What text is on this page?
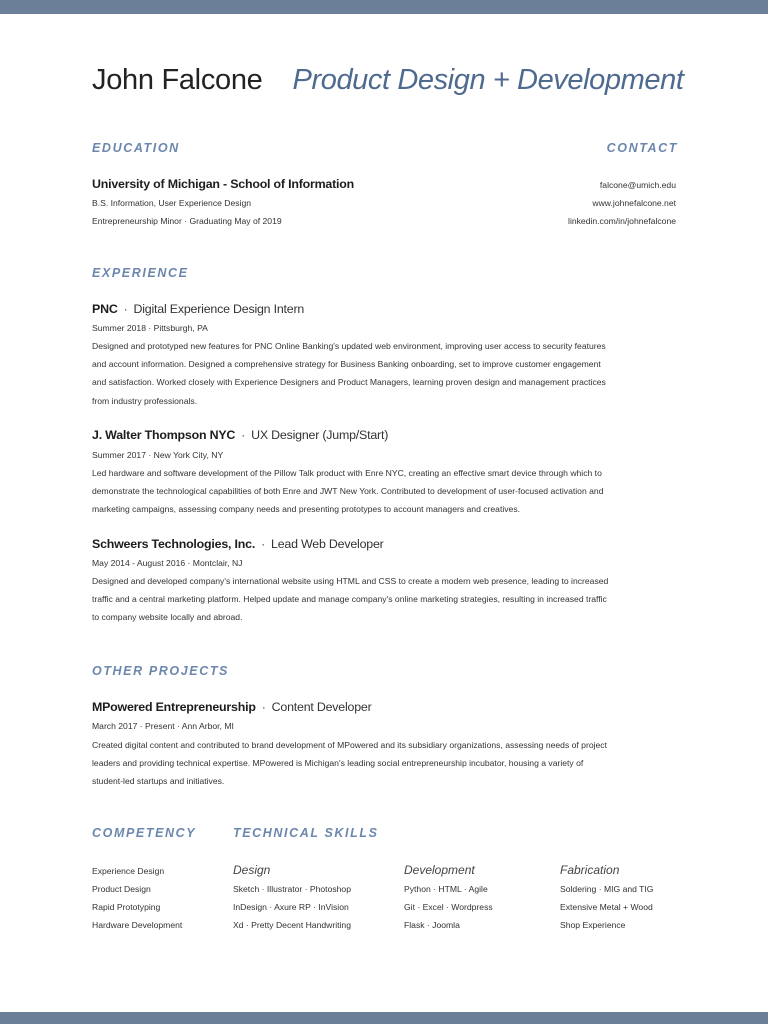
John Falcone Product Design + Development
EDUCATION
University of Michigan - School of Information
B.S. Information, User Experience Design
Entrepreneurship Minor · Graduating May of 2019
CONTACT
falcone@umich.edu
www.johnefalcone.net
linkedin.com/in/johnefalcone
EXPERIENCE
PNC · Digital Experience Design Intern
Summer 2018 · Pittsburgh, PA
Designed and prototyped new features for PNC Online Banking's updated web environment, improving user access to security features
and account information. Designed a comprehensive strategy for Business Banking onboarding, set to improve customer engagement
and satisfaction. Worked closely with Experience Designers and Product Managers, learning proven design and management practices
from industry professionals.
J. Walter Thompson NYC · UX Designer (Jump/Start)
Summer 2017 · New York City, NY
Led hardware and software development of the Pillow Talk product with Enre NYC, creating an effective smart device through which to
demonstrate the technological capabilities of both Enre and JWT New York. Contributed to development of user-focused activation and
marketing campaigns, assessing company needs and presenting prototypes to account managers and creatives.
Schweers Technologies, Inc. · Lead Web Developer
May 2014 - August 2016 · Montclair, NJ
Designed and developed company's international website using HTML and CSS to create a modern web presence, leading to increased
traffic and a central marketing platform. Helped update and manage company's online marketing strategies, resulting in increased traffic
to company website locally and abroad.
OTHER PROJECTS
MPowered Entrepreneurship · Content Developer
March 2017 · Present · Ann Arbor, MI
Created digital content and contributed to brand development of MPowered and its subsidiary organizations, assessing needs of project
leaders and providing technical expertise. MPowered is Michigan's leading social entrepreneurship incubator, housing a variety of
student-led startups and initiatives.
COMPETENCY
Experience Design
Product Design
Rapid Prototyping
Hardware Development
TECHNICAL SKILLS
Design
Sketch · Illustrator · Photoshop
InDesign · Axure RP · InVision
Xd · Pretty Decent Handwriting
Development
Python · HTML · Agile
Git · Excel · Wordpress
Flask · Joomla
Fabrication
Soldering · MIG and TIG
Extensive Metal + Wood
Shop Experience
